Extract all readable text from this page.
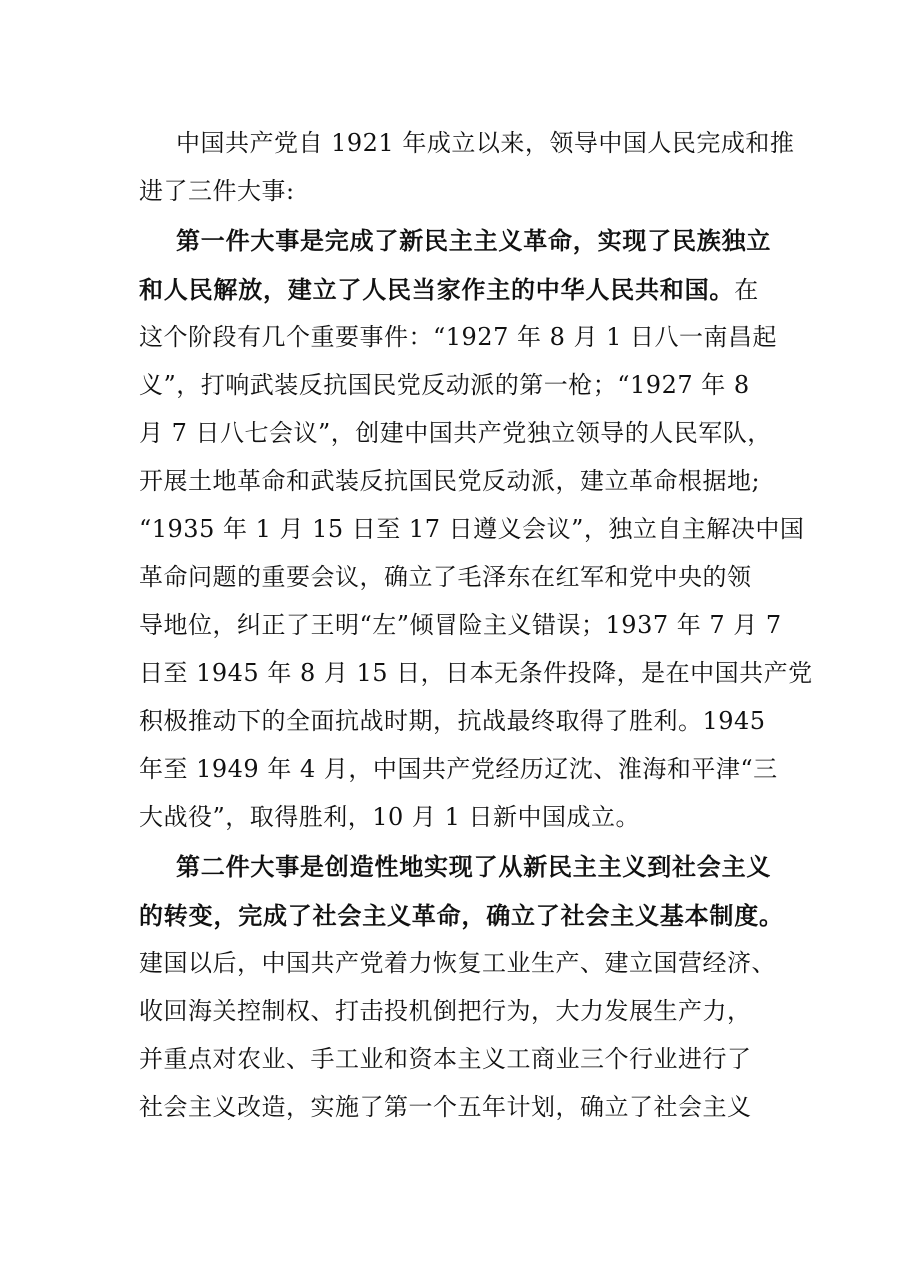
中国共产党自 1921 年成立以来，领导中国人民完成和推
进了三件大事:
第一件大事是完成了新民主主义革命，实现了民族独立
和人民解放，建立了人民当家作主的中华人民共和国。在
这个阶段有几个重要事件：“1927 年 8 月 1 日八一南昌起
义”，打响武装反抗国民党反动派的第一枪；“1927 年 8
月 7 日八七会议”，创建中国共产党独立领导的人民军队，
开展土地革命和武装反抗国民党反动派，建立革命根据地;
“1935 年 1 月 15 日至 17 日遵义会议”，独立自主解决中国
革命问题的重要会议，确立了毛泽东在红军和党中央的领
导地位，纠正了王明“左”倾冒险主义错误；1937 年 7 月 7
日至 1945 年 8 月 15 日，日本无条件投降，是在中国共产党
积极推动下的全面抗战时期，抗战最终取得了胜利。1945
年至 1949 年 4 月，中国共产党经历辽沈、淮海和平津“三
大战役”，取得胜利，10 月 1 日新中国成立。
第二件大事是创造性地实现了从新民主主义到社会主义
的转变，完成了社会主义革命，确立了社会主义基本制度。
建国以后，中国共产党着力恢复工业生产、建立国营经济、
收回海关控制权、打击投机倒把行为，大力发展生产力，
并重点对农业、手工业和资本主义工商业三个行业进行了
社会主义改造，实施了第一个五年计划，确立了社会主义
